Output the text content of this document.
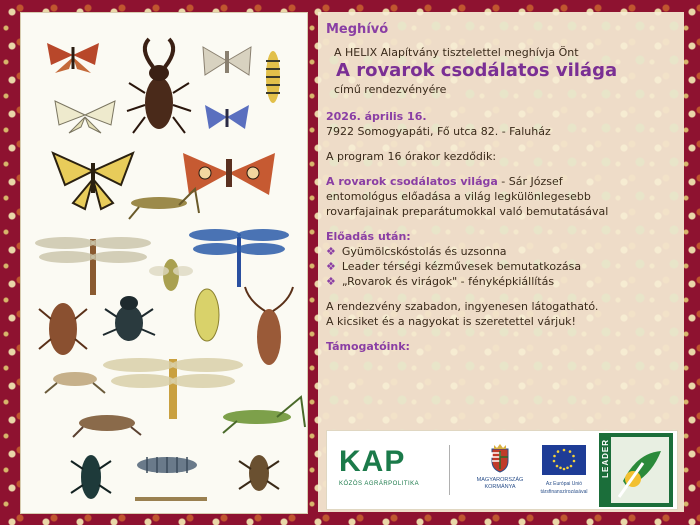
Meghívó
A HELIX Alapítvány tisztelettel meghívja Önt
A rovarok csodálatos világa
című rendezvényére
2026. április 16.
7922 Somogyapáti, Fő utca 82. - Faluház
A program 16 órakor kezdődik:
A rovarok csodálatos világa - Sár József
entomológus előadása a világ legkülönlegesebb
rovarfajainak preparátumokkal való bemutatásával
Előadás után:
❖ Gyümölcskóstolás és uzsonna
❖ Leader térségi kézművesek bemutatkozása
❖ „Rovarok és virágok" - fényképkiállítás
A rendezvény szabadon, ingyenesen látogatható.
A kicsiket és a nagyokat is szeretettel várjuk!
Támogatóink:
KAP
KÖZÖS AGRÁRPOLITIKA
MAGYARORSZÁG
KORMÁNYA	Az Európai Unió
társfinanszírozásával
LEADER
